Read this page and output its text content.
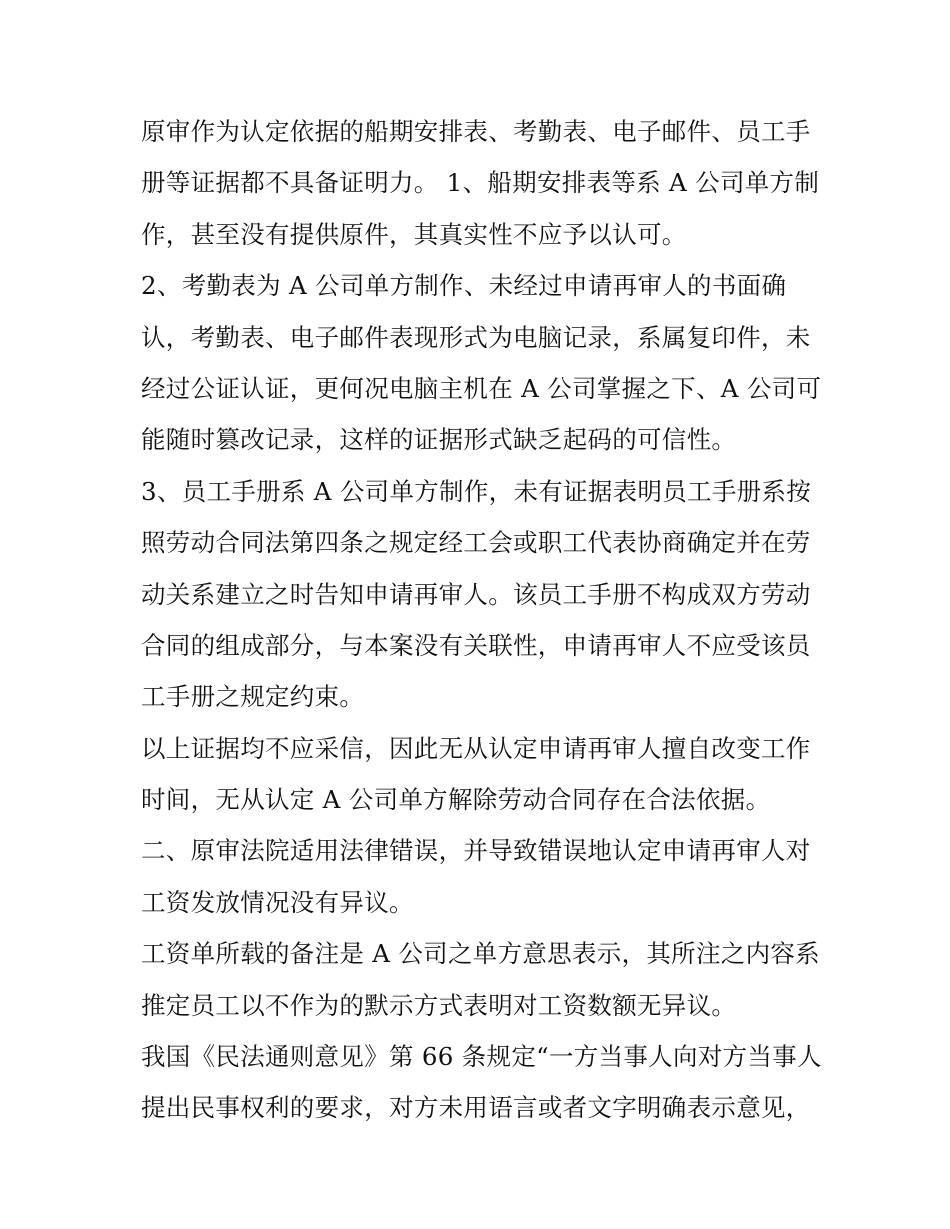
原审作为认定依据的船期安排表、考勤表、电子邮件、员工手
册等证据都不具备证明力。 1、船期安排表等系 A 公司单方制
作，甚至没有提供原件，其真实性不应予以认可。
2、考勤表为 A 公司单方制作、未经过申请再审人的书面确
认，考勤表、电子邮件表现形式为电脑记录，系属复印件，未
经过公证认证，更何况电脑主机在 A 公司掌握之下、A 公司可
能随时篡改记录，这样的证据形式缺乏起码的可信性。
3、员工手册系 A 公司单方制作，未有证据表明员工手册系按
照劳动合同法第四条之规定经工会或职工代表协商确定并在劳
动关系建立之时告知申请再审人。该员工手册不构成双方劳动
合同的组成部分，与本案没有关联性，申请再审人不应受该员
工手册之规定约束。
以上证据均不应采信，因此无从认定申请再审人擅自改变工作
时间，无从认定 A 公司单方解除劳动合同存在合法依据。
二、原审法院适用法律错误，并导致错误地认定申请再审人对
工资发放情况没有异议。
工资单所载的备注是 A 公司之单方意思表示，其所注之内容系
推定员工以不作为的默示方式表明对工资数额无异议。
我国《民法通则意见》第 66 条规定“一方当事人向对方当事人
提出民事权利的要求，对方未用语言或者文字明确表示意见，
